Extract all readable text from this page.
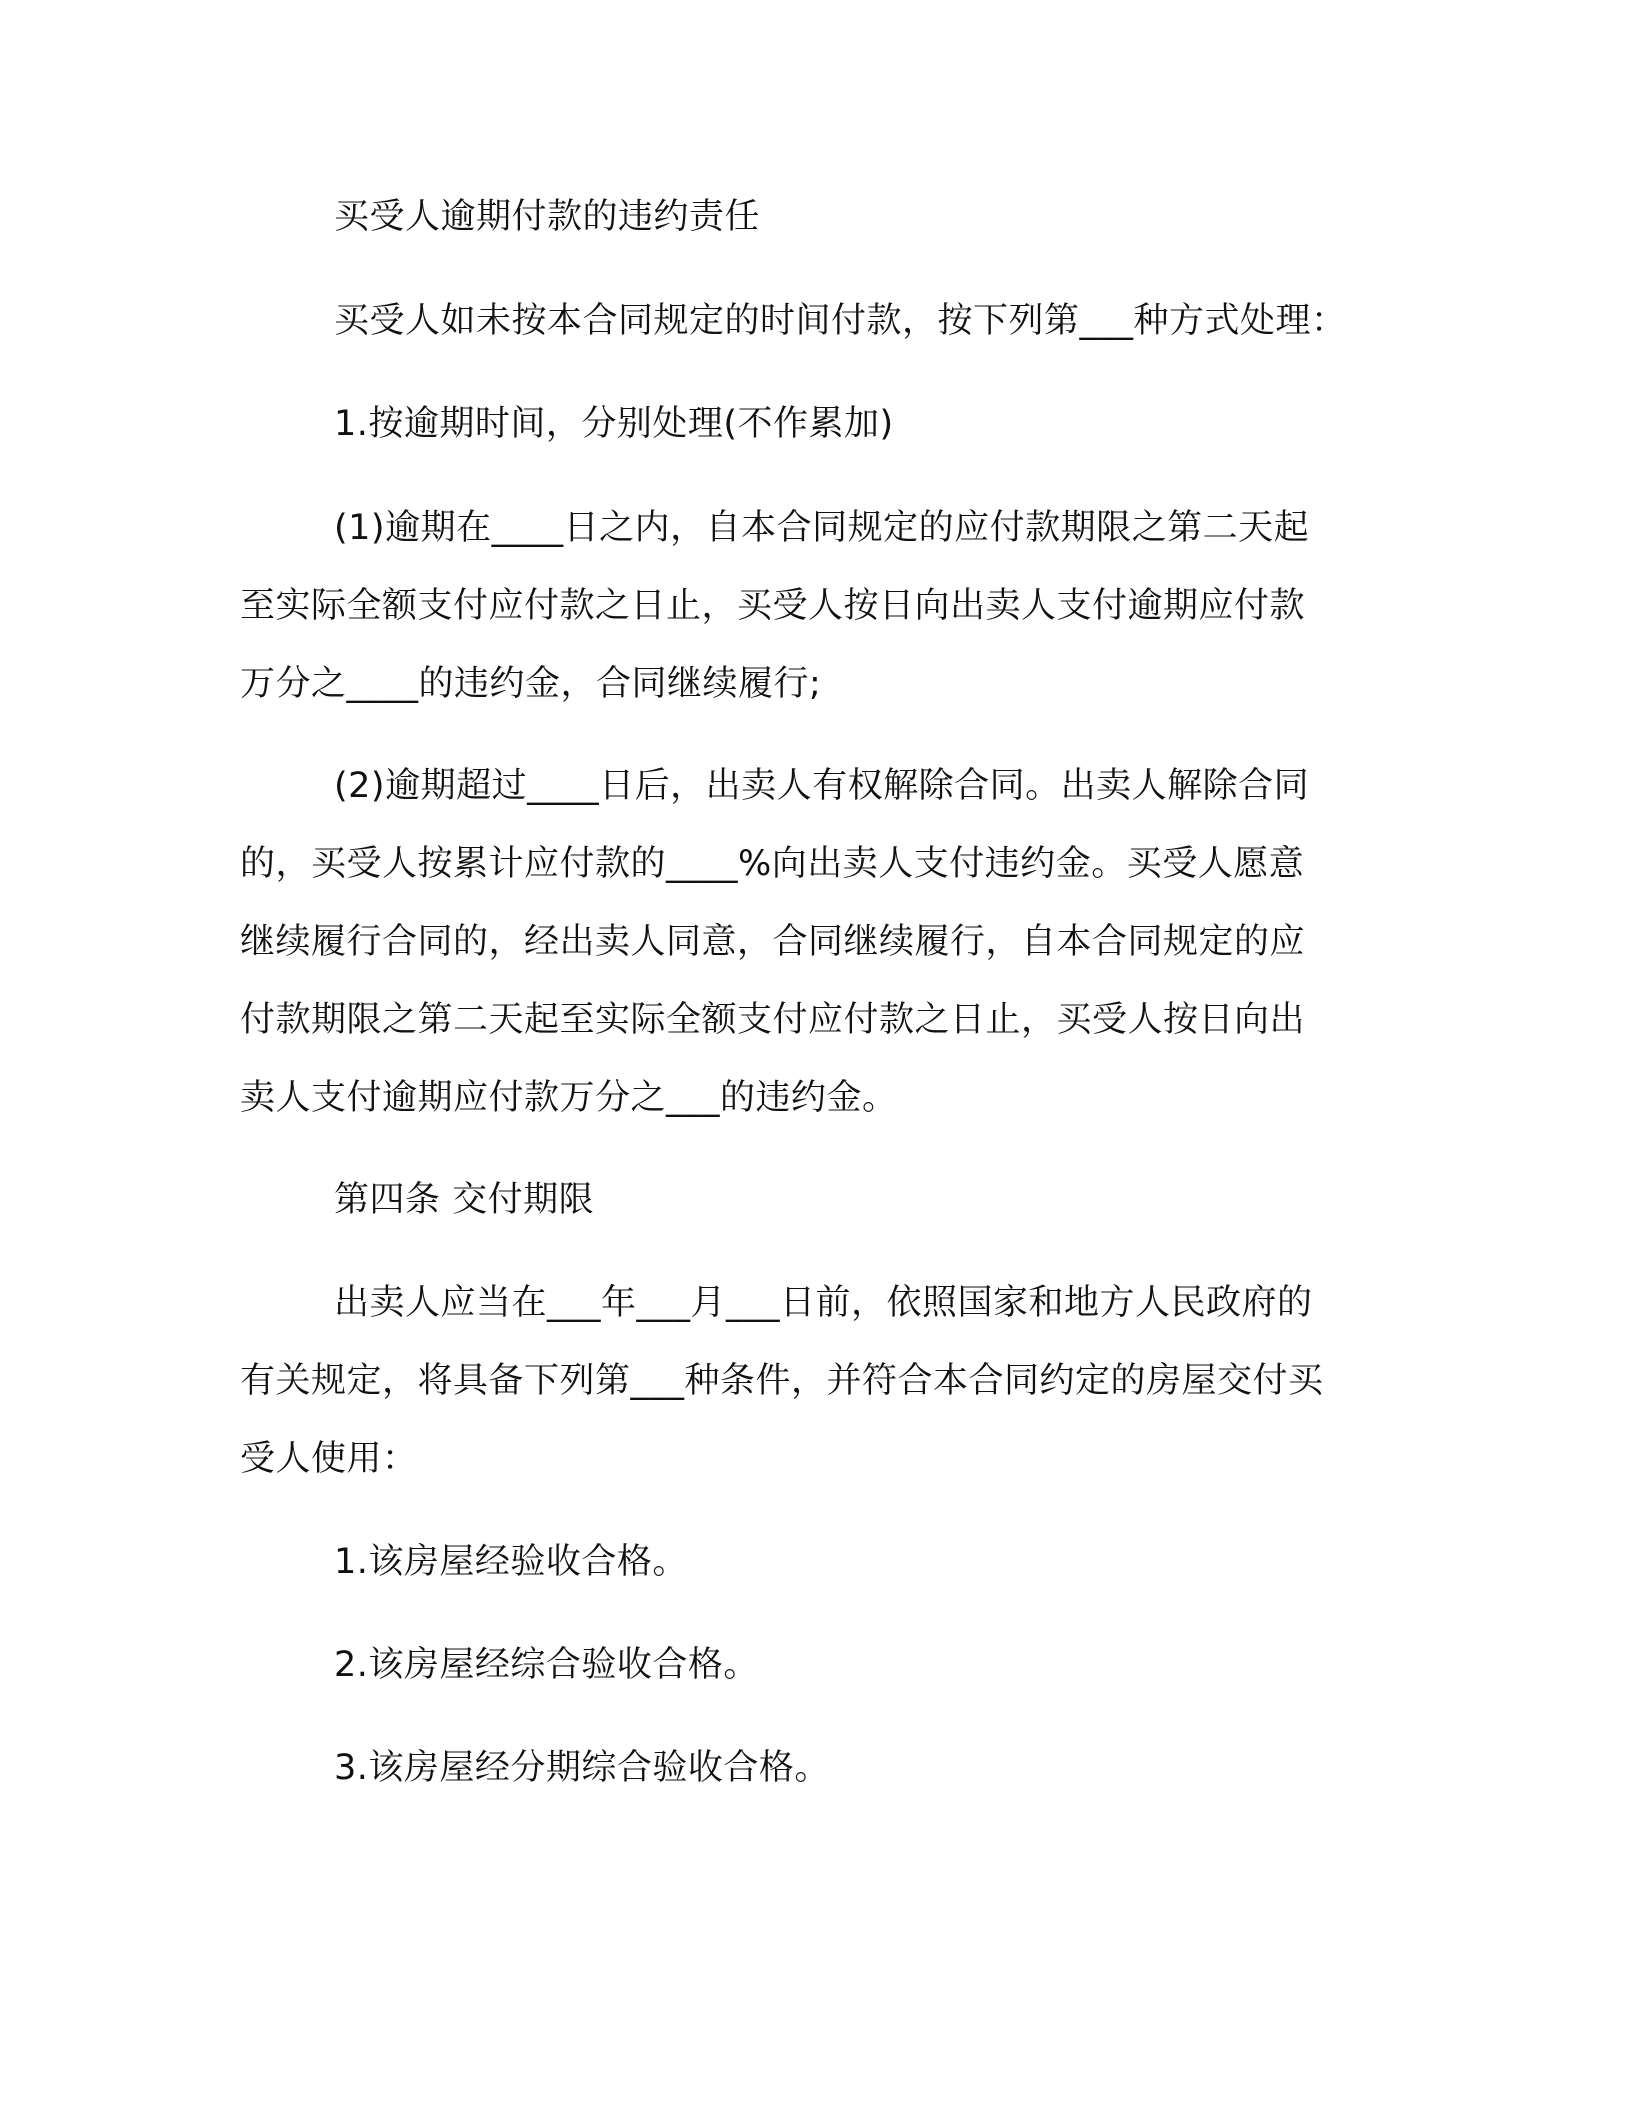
买受人逾期付款的违约责任

买受人如未按本合同规定的时间付款，按下列第___种方式处理：

1.按逾期时间，分别处理(不作累加)

(1)逾期在____日之内，自本合同规定的应付款期限之第二天起
至实际全额支付应付款之日止，买受人按日向出卖人支付逾期应付款
万分之____的违约金，合同继续履行;

(2)逾期超过____日后，出卖人有权解除合同。出卖人解除合同
的，买受人按累计应付款的____%向出卖人支付违约金。买受人愿意
继续履行合同的，经出卖人同意，合同继续履行，自本合同规定的应
付款期限之第二天起至实际全额支付应付款之日止，买受人按日向出
卖人支付逾期应付款万分之___的违约金。

第四条 交付期限

出卖人应当在___年___月___日前，依照国家和地方人民政府的
有关规定，将具备下列第___种条件，并符合本合同约定的房屋交付买
受人使用：

1.该房屋经验收合格。

2.该房屋经综合验收合格。

3.该房屋经分期综合验收合格。
